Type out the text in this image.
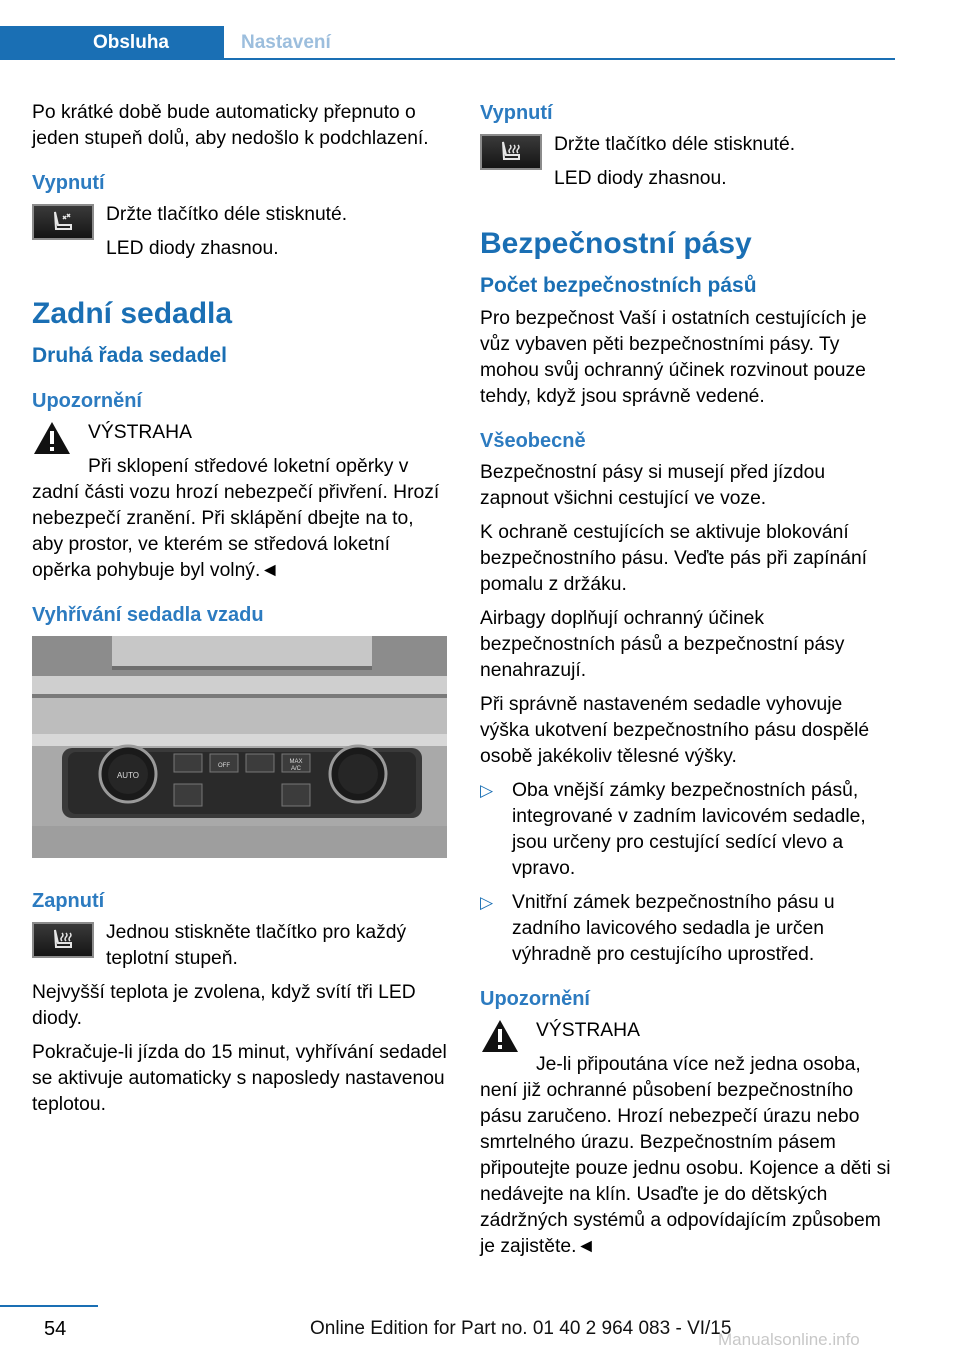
Obsluha	Nastavení

Po krátké době bude automaticky přepnuto o jeden stupeň dolů, aby nedošlo k podchlazení.

Vypnutí

Držte tlačítko déle stisknuté.

LED diody zhasnou.

Zadní sedadla
Druhá řada sedadel
Upozornění

VÝSTRAHA

Při sklopení středové loketní opěrky v zadní části vozu hrozí nebezpečí přivření. Hrozí nebezpečí zranění. Při sklápění dbejte na to, aby prostor, ve kterém se středová loketní opěrka pohybuje byl volný.◄

Vyhřívání sedadla vzadu
AUTO
OFF
MAX
A/C
Zapnutí

Jednou stiskněte tlačítko pro každý teplotní stupeň.

Nejvyšší teplota je zvolena, když svítí tři LED diody.

Pokračuje-li jízda do 15 minut, vyhřívání sedadel se aktivuje automaticky s naposledy nastavenou teplotou.

Vypnutí

Držte tlačítko déle stisknuté.

LED diody zhasnou.

Bezpečnostní pásy
Počet bezpečnostních pásů

Pro bezpečnost Vaší i ostatních cestujících je vůz vybaven pěti bezpečnostními pásy. Ty mohou svůj ochranný účinek rozvinout pouze tehdy, když jsou správně vedené.

Všeobecně

Bezpečnostní pásy si musejí před jízdou zapnout všichni cestující ve voze.

K ochraně cestujících se aktivuje blokování bezpečnostního pásu. Veďte pás při zapínání pomalu z držáku.

Airbagy doplňují ochranný účinek bezpečnostních pásů a bezpečnostní pásy nenahrazují.

Při správně nastaveném sedadle vyhovuje výška ukotvení bezpečnostního pásu dospělé osobě jakékoliv tělesné výšky.

▷ Oba vnější zámky bezpečnostních pásů, integrované v zadním lavicovém sedadle, jsou určeny pro cestující sedící vlevo a vpravo.
▷ Vnitřní zámek bezpečnostního pásu u zadního lavicového sedadla je určen výhradně pro cestujícího uprostřed.
Upozornění

VÝSTRAHA

Je-li připoutána více než jedna osoba, není již ochranné působení bezpečnostního pásu zaručeno. Hrozí nebezpečí úrazu nebo smrtelného úrazu. Bezpečnostním pásem připoutejte pouze jednu osobu. Kojence a děti si nedávejte na klín. Usaďte je do dětských zádržných systémů a odpovídajícím způsobem je zajistěte.◄

54	Online Edition for Part no. 01 40 2 964 083 - VI/15
Manualsonline.info
